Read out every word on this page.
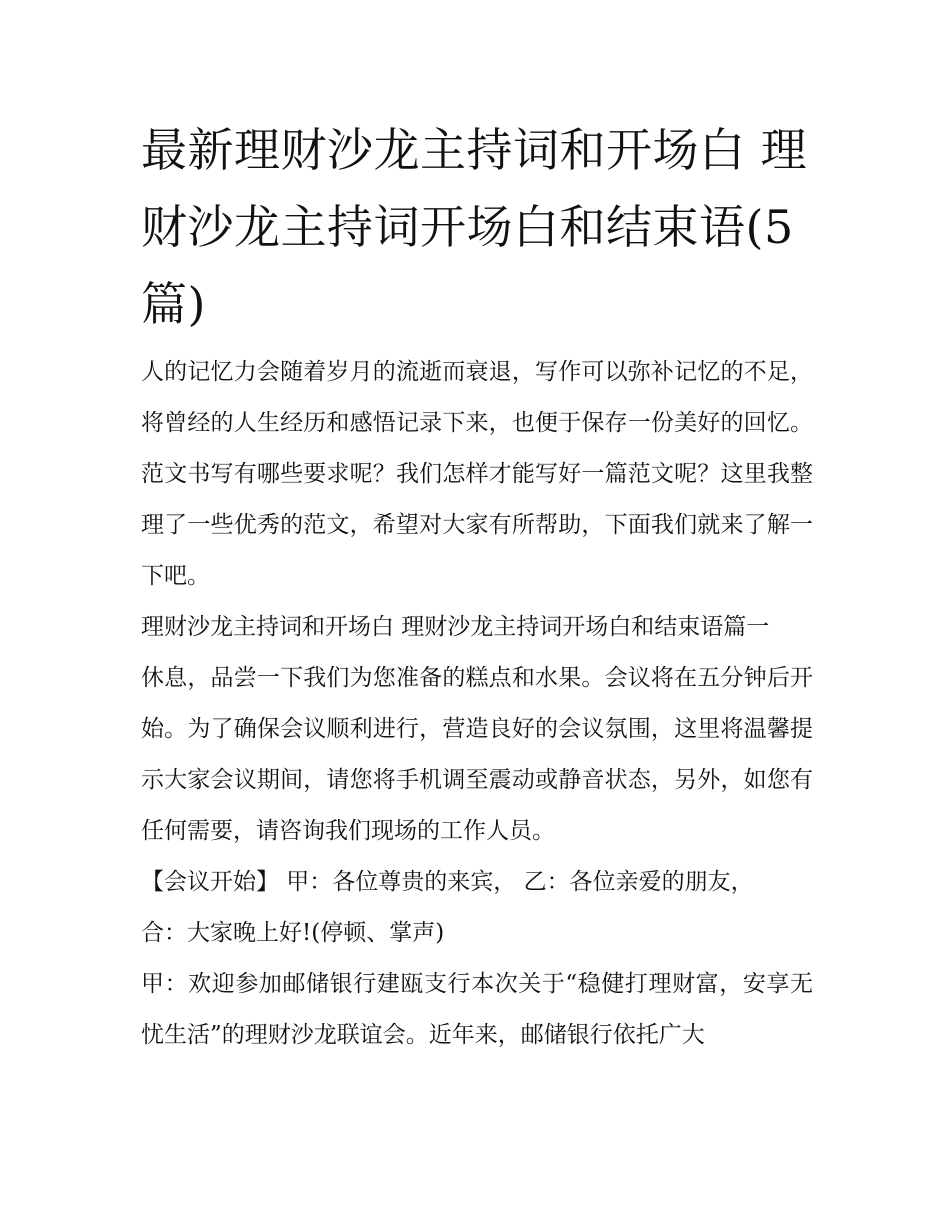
最新理财沙龙主持词和开场白 理财沙龙主持词开场白和结束语(5篇)

人的记忆力会随着岁月的流逝而衰退，写作可以弥补记忆的不足，将曾经的人生经历和感悟记录下来，也便于保存一份美好的回忆。范文书写有哪些要求呢？我们怎样才能写好一篇范文呢？这里我整理了一些优秀的范文，希望对大家有所帮助，下面我们就来了解一下吧。

理财沙龙主持词和开场白 理财沙龙主持词开场白和结束语篇一

休息，品尝一下我们为您准备的糕点和水果。会议将在五分钟后开始。为了确保会议顺利进行，营造良好的会议氛围，这里将温馨提示大家会议期间，请您将手机调至震动或静音状态，另外，如您有任何需要，请咨询我们现场的工作人员。

【会议开始】 甲：各位尊贵的来宾， 乙：各位亲爱的朋友，

合：大家晚上好!(停顿、掌声)

甲：欢迎参加邮储银行建瓯支行本次关于“稳健打理财富，安享无忧生活”的理财沙龙联谊会。近年来，邮储银行依托广大
